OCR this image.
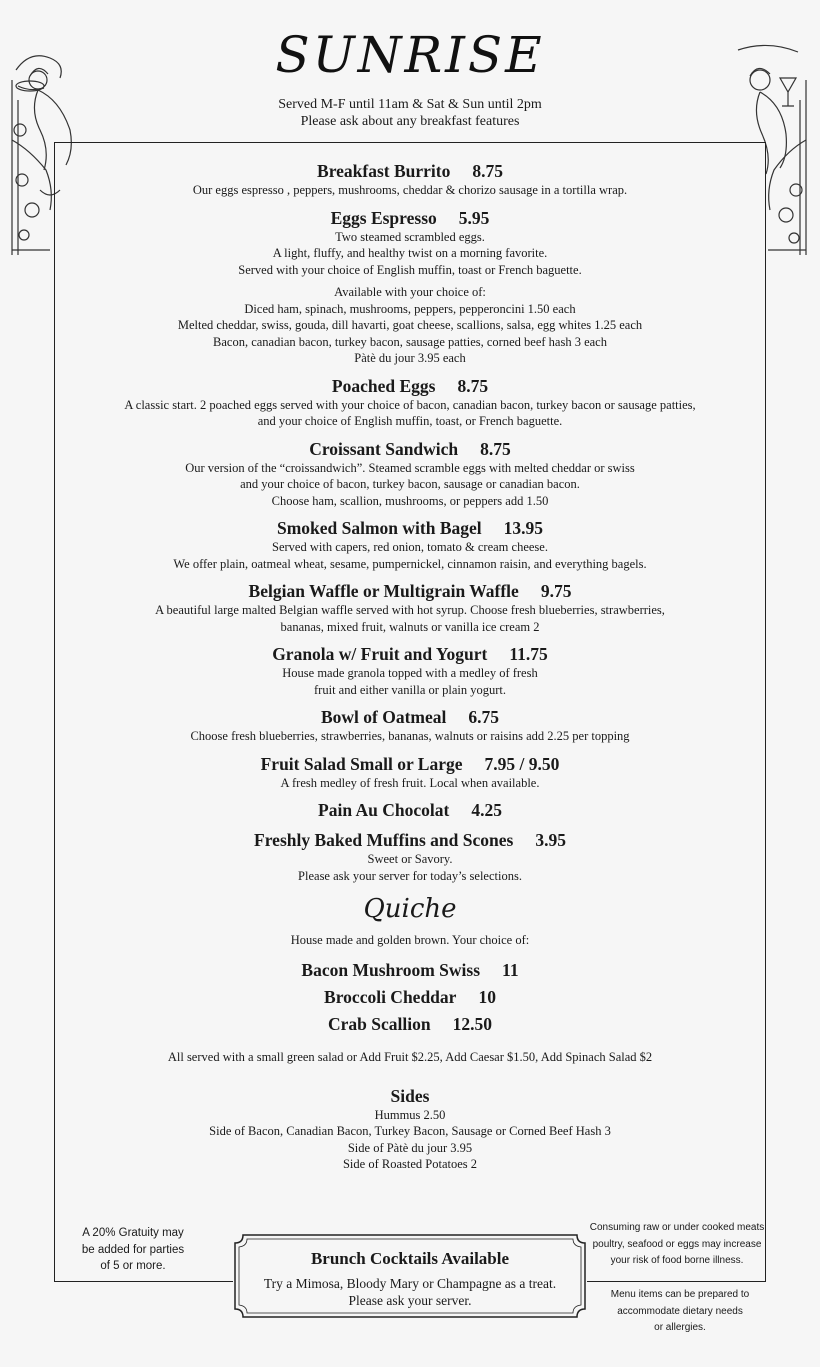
SUNRISE
Served M-F until 11am & Sat & Sun until 2pm
Please ask about any breakfast features
Breakfast Burrito 8.75
Our eggs espresso , peppers, mushrooms, cheddar & chorizo sausage in a tortilla wrap.
Eggs Espresso 5.95
Two steamed scrambled eggs.
A light, fluffy, and healthy twist on a morning favorite.
Served with your choice of English muffin, toast or French baguette.
Available with your choice of:
Diced ham, spinach, mushrooms, peppers, pepperoncini 1.50 each
Melted cheddar, swiss, gouda, dill havarti, goat cheese, scallions, salsa, egg whites 1.25 each
Bacon, canadian bacon, turkey bacon, sausage patties, corned beef hash 3 each
Pàtè du jour 3.95 each
Poached Eggs 8.75
A classic start. 2 poached eggs served with your choice of bacon, canadian bacon, turkey bacon or sausage patties,
and your choice of English muffin, toast, or French baguette.
Croissant Sandwich 8.75
Our version of the “croissandwich”. Steamed scramble eggs with melted cheddar or swiss
and your choice of bacon, turkey bacon, sausage or canadian bacon.
Choose ham, scallion, mushrooms, or peppers add 1.50
Smoked Salmon with Bagel 13.95
Served with capers, red onion, tomato & cream cheese.
We offer plain, oatmeal wheat, sesame, pumpernickel, cinnamon raisin, and everything bagels.
Belgian Waffle or Multigrain Waffle 9.75
A beautiful large malted Belgian waffle served with hot syrup. Choose fresh blueberries, strawberries,
bananas, mixed fruit, walnuts or vanilla ice cream 2
Granola w/ Fruit and Yogurt 11.75
House made granola topped with a medley of fresh
fruit and either vanilla or plain yogurt.
Bowl of Oatmeal 6.75
Choose fresh blueberries, strawberries, bananas, walnuts or raisins add 2.25 per topping
Fruit Salad Small or Large 7.95 / 9.50
A fresh medley of fresh fruit. Local when available.
Pain Au Chocolat 4.25
Freshly Baked Muffins and Scones 3.95
Sweet or Savory.
Please ask your server for today’s selections.
Quiche
House made and golden brown. Your choice of:
Bacon Mushroom Swiss 11
Broccoli Cheddar 10
Crab Scallion 12.50
All served with a small green salad or Add Fruit $2.25, Add Caesar $1.50, Add Spinach Salad $2
Sides
Hummus 2.50
Side of Bacon, Canadian Bacon, Turkey Bacon, Sausage or Corned Beef Hash 3
Side of Pàtè du jour 3.95
Side of Roasted Potatoes 2
A 20% Gratuity may
be added for parties
of 5 or more.
Consuming raw or under cooked meats
poultry, seafood or eggs may increase
your risk of food borne illness.
Menu items can be prepared to
accommodate dietary needs
or allergies.
Brunch Cocktails Available
Try a Mimosa, Bloody Mary or Champagne as a treat.
Please ask your server.
